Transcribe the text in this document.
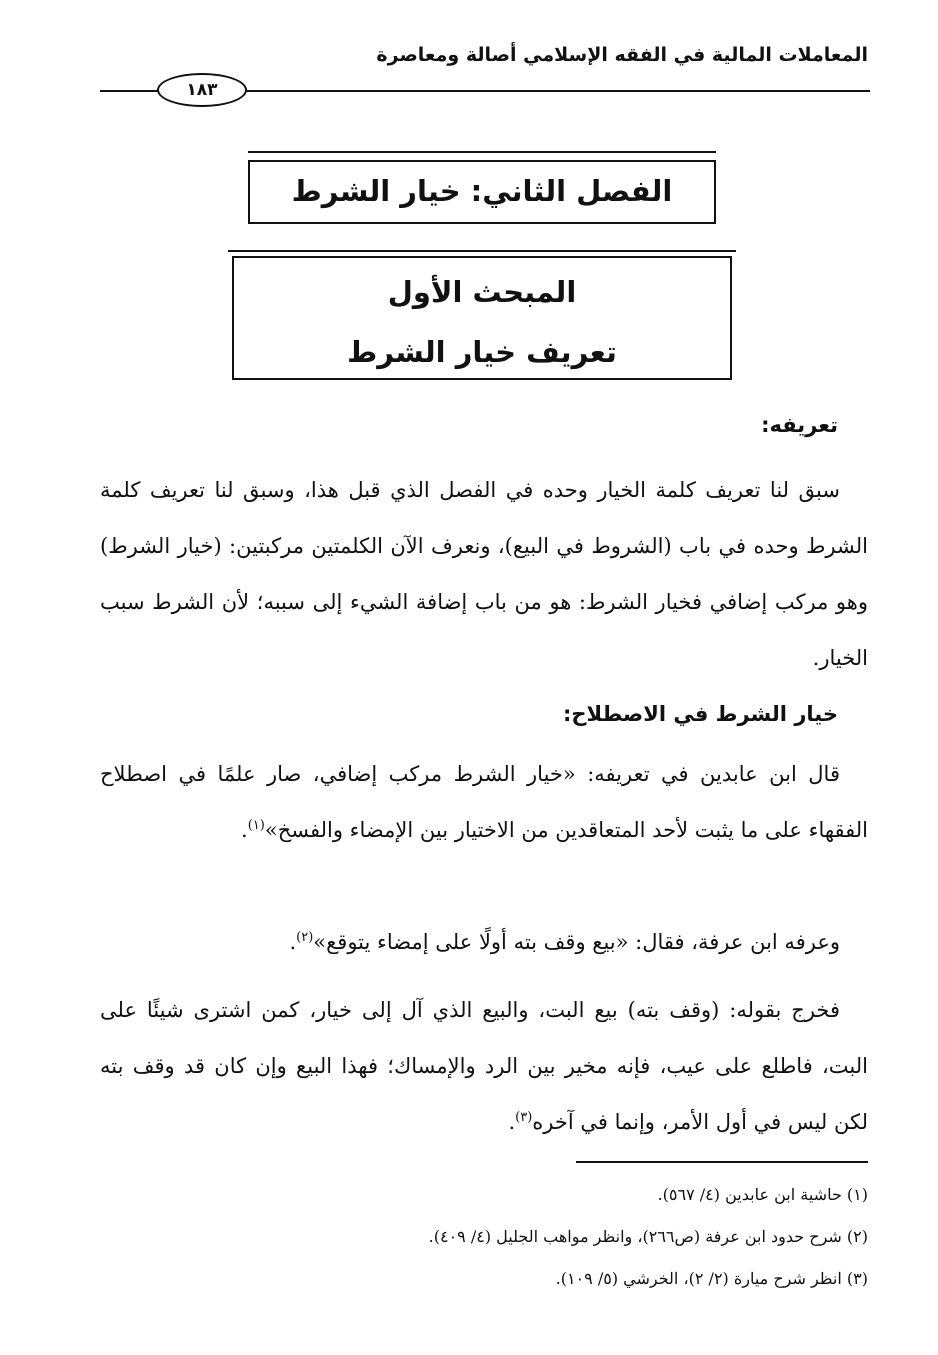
المعاملات المالية في الفقه الإسلامي أصالة ومعاصرة
١٨٣
الفصل الثاني: خيار الشرط
المبحث الأول
تعريف خيار الشرط
تعريفه:

سبق لنا تعريف كلمة الخيار وحده في الفصل الذي قبل هذا، وسبق لنا تعريف كلمة الشرط وحده في باب (الشروط في البيع)، ونعرف الآن الكلمتين مركبتين: (خيار الشرط) وهو مركب إضافي فخيار الشرط: هو من باب إضافة الشيء إلى سببه؛ لأن الشرط سبب الخيار.

خيار الشرط في الاصطلاح:

قال ابن عابدين في تعريفه: «خيار الشرط مركب إضافي، صار علمًا في اصطلاح الفقهاء على ما يثبت لأحد المتعاقدين من الاختيار بين الإمضاء والفسخ»$^{(١)}$.

وعرفه ابن عرفة، فقال: «بيع وقف بته أولًا على إمضاء يتوقع»$^{(٢)}$.

فخرج بقوله: (وقف بته) بيع البت، والبيع الذي آل إلى خيار، كمن اشترى شيئًا على البت، فاطلع على عيب، فإنه مخير بين الرد والإمساك؛ فهذا البيع وإن كان قد وقف بته لكن ليس في أول الأمر، وإنما في آخره$^{(٣)}$.

(١) حاشية ابن عابدين (٤/ ٥٦٧).
(٢) شرح حدود ابن عرفة (ص٢٦٦)، وانظر مواهب الجليل (٤/ ٤٠٩).
(٣) انظر شرح ميارة (٢/ ٢)، الخرشي (٥/ ١٠٩).
